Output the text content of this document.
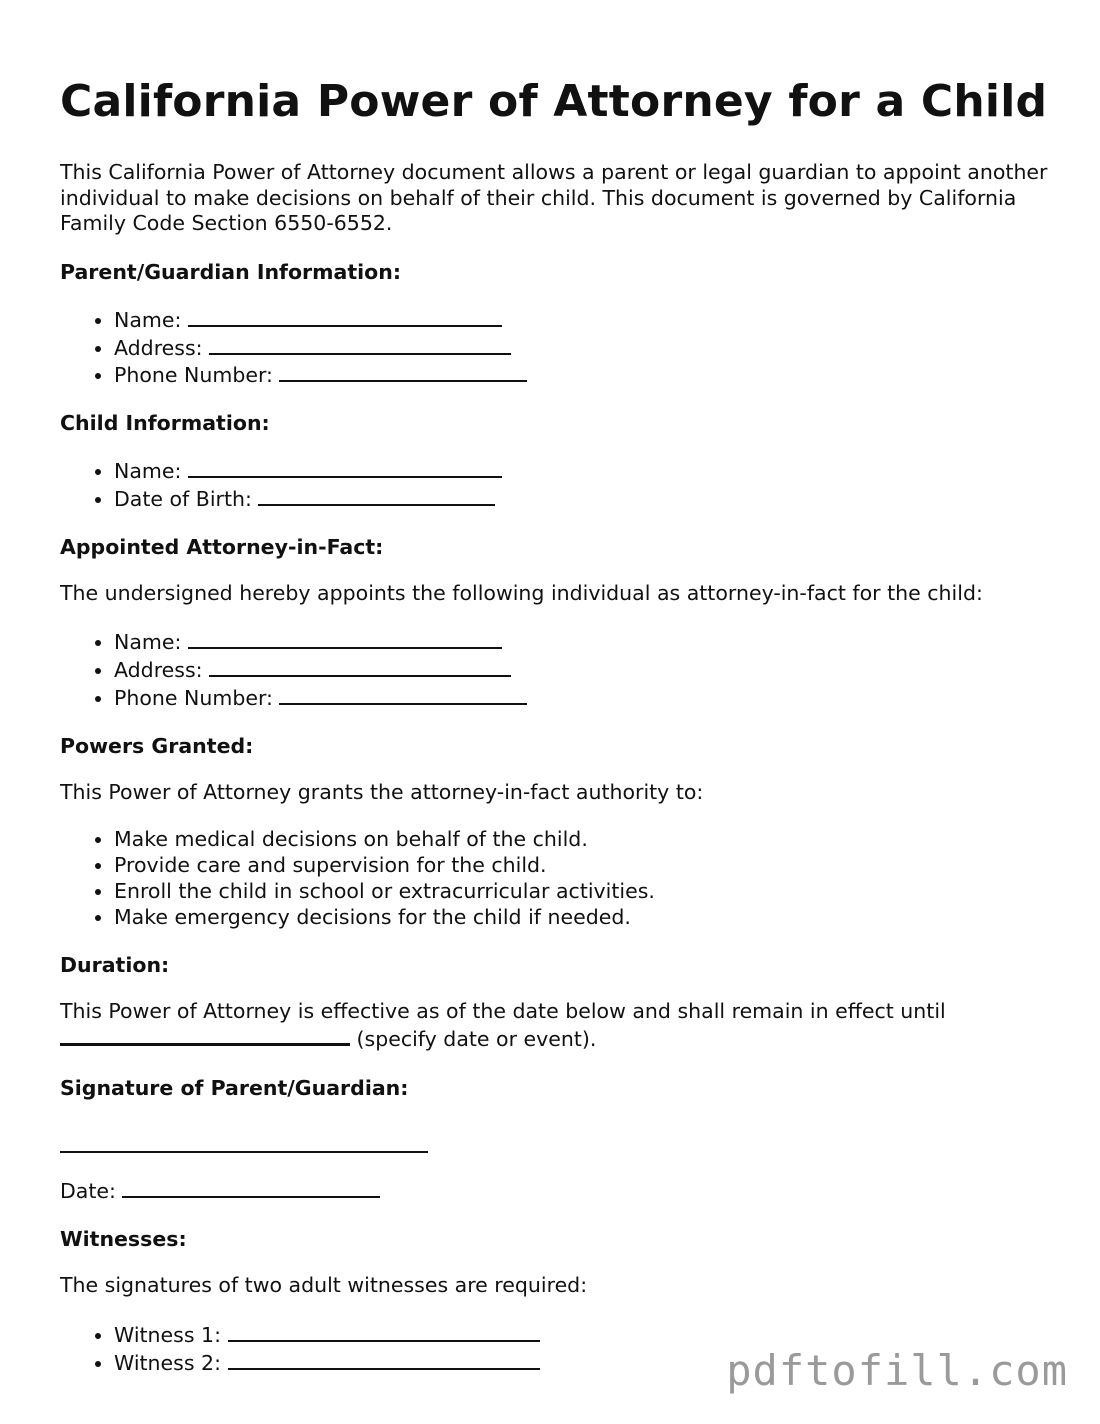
California Power of Attorney for a Child

This California Power of Attorney document allows a parent or legal guardian to appoint another individual to make decisions on behalf of their child. This document is governed by California Family Code Section 6550-6552.

Parent/Guardian Information:
• Name:
• Address:
• Phone Number:
Child Information:
• Name:
• Date of Birth:
Appointed Attorney-in-Fact:

The undersigned hereby appoints the following individual as attorney-in-fact for the child:

• Name:
• Address:
• Phone Number:
Powers Granted:

This Power of Attorney grants the attorney-in-fact authority to:

• Make medical decisions on behalf of the child.
• Provide care and supervision for the child.
• Enroll the child in school or extracurricular activities.
• Make emergency decisions for the child if needed.
Duration:

This Power of Attorney is effective as of the date below and shall remain in effect until
(specify date or event).

Signature of Parent/Guardian:

Date:

Witnesses:

The signatures of two adult witnesses are required:

• Witness 1:
• Witness 2:	pdftofill.com
